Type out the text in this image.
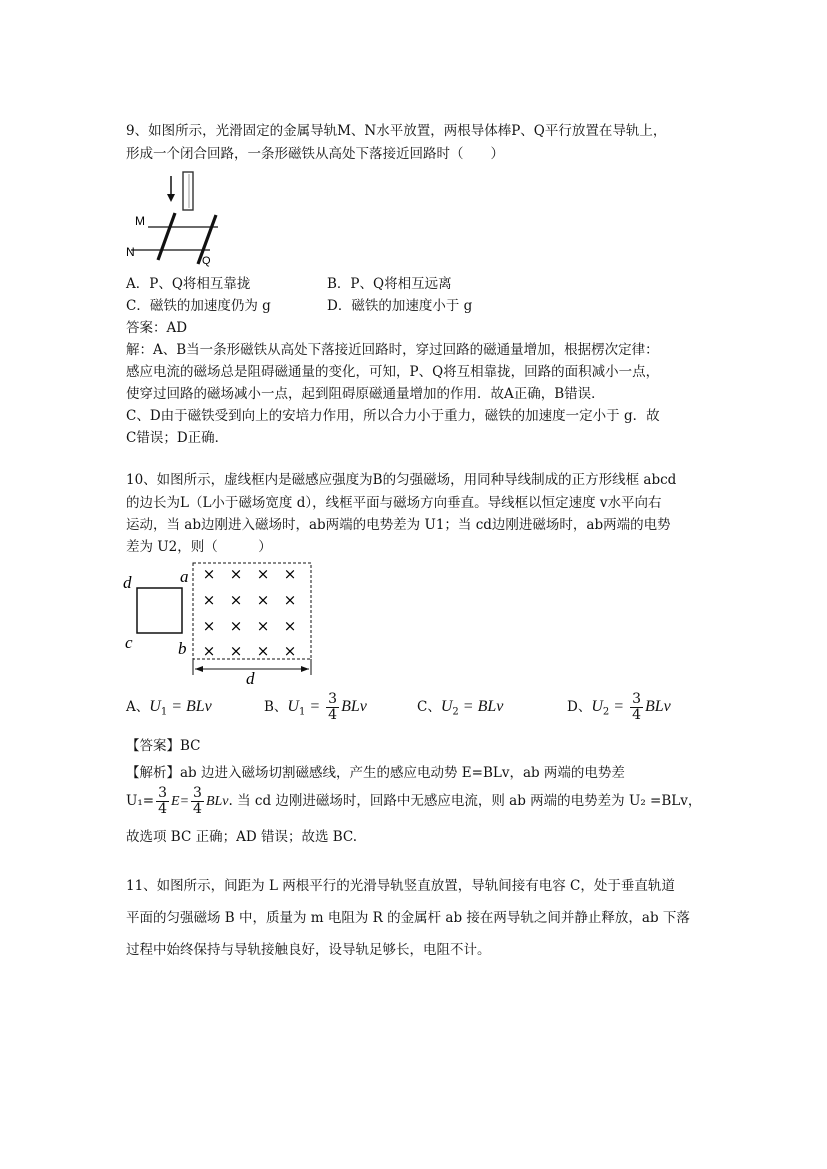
9、如图所示，光滑固定的金属导轨M、N水平放置，两根导体棒P、Q平行放置在导轨上，
形成一个闭合回路，一条形磁铁从高处下落接近回路时（　　）
M
N
Q
A．P、Q将相互靠拢	B．P、Q将相互远离
C．磁铁的加速度仍为 g	D．磁铁的加速度小于 g
答案：AD
解：A、B当一条形磁铁从高处下落接近回路时，穿过回路的磁通量增加，根据楞次定律：
感应电流的磁场总是阻碍磁通量的变化，可知，P、Q将互相靠拢，回路的面积减小一点，
使穿过回路的磁场减小一点，起到阻碍原磁通量增加的作用．故A正确，B错误．
C、D由于磁铁受到向上的安培力作用，所以合力小于重力，磁铁的加速度一定小于 g．故
C错误；D正确．
10、如图所示，虚线框内是磁感应强度为B的匀强磁场，用同种导线制成的正方形线框 abcd
的边长为L（L小于磁场宽度 d），线框平面与磁场方向垂直。导线框以恒定速度 v水平向右
运动，当 ab边刚进入磁场时，ab两端的电势差为 U1；当 cd边刚进磁场时，ab两端的电势
差为 U2，则（　　　）
d	a
c	b
× × × ×
× × × ×
× × × ×
× × × ×
d
A、$U_1$ = BLv	B、$U_1 = \frac{3}{4}$ BLv	C、$U_2$ = BLv	D、$U_2 = \frac{3}{4}$ BLv
【答案】BC
【解析】ab 边进入磁场切割磁感线，产生的感应电动势 E=BLv，ab 两端的电势差
$U_1= \frac{3}{4} E= \frac{3}{4}$ BLv. 当 cd 边刚进磁场时，回路中无感应电流，则 ab 两端的电势差为 U₂ =BLv，
故选项 BC 正确；AD 错误；故选 BC.
11、如图所示，间距为 L 两根平行的光滑导轨竖直放置，导轨间接有电容 C，处于垂直轨道
平面的匀强磁场 B 中，质量为 m 电阻为 R 的金属杆 ab 接在两导轨之间并静止释放，ab 下落
过程中始终保持与导轨接触良好，设导轨足够长，电阻不计。
